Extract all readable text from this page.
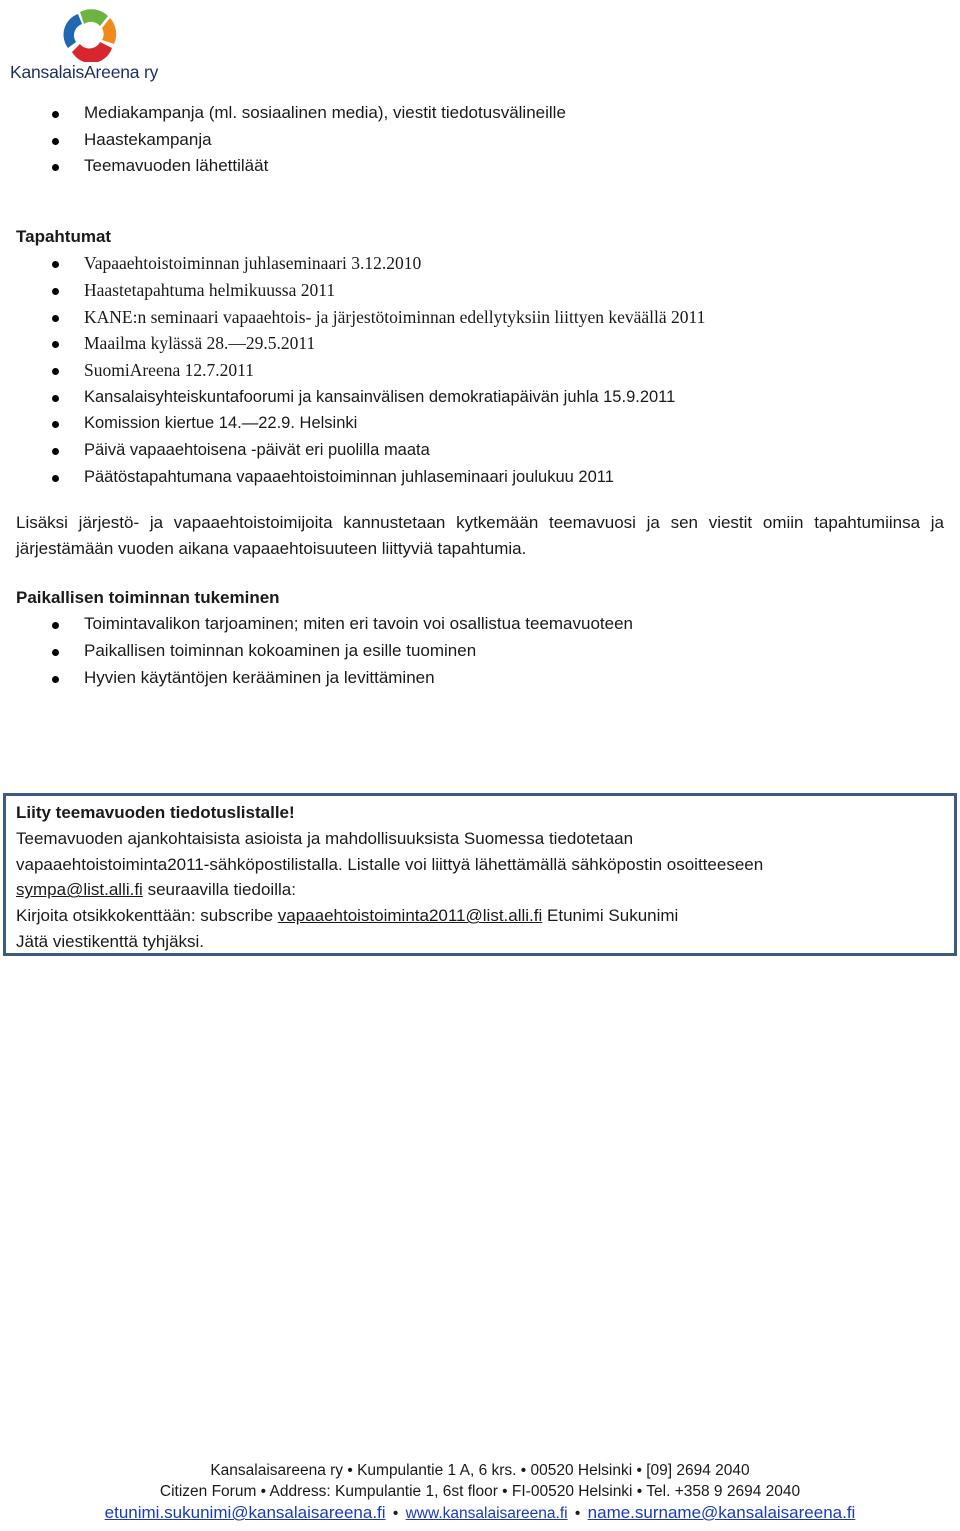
KansalaisAreena ry
Mediakampanja (ml. sosiaalinen media), viestit tiedotusvälineille
Haastekampanja
Teemavuoden lähettiläät
Tapahtumat
Vapaaehtoistoiminnan juhlaseminaari 3.12.2010
Haastetapahtuma helmikuussa 2011
KANE:n seminaari vapaaehtois- ja järjestötoiminnan edellytyksiin liittyen keväällä 2011
Maailma kylässä 28.—29.5.2011
SuomiAreena 12.7.2011
Kansalaisyhteiskuntafoorumi ja kansainvälisen demokratiapäivän juhla 15.9.2011
Komission kiertue 14.—22.9. Helsinki
Päivä vapaaehtoisena -päivät eri puolilla maata
Päätöstapahtumana vapaaehtoistoiminnan juhlaseminaari joulukuu 2011

Lisäksi järjestö- ja vapaaehtoistoimijoita kannustetaan kytkemään teemavuosi ja sen viestit omiin tapahtumiinsa ja järjestämään vuoden aikana vapaaehtoisuuteen liittyviä tapahtumia.

Paikallisen toiminnan tukeminen
Toimintavalikon tarjoaminen; miten eri tavoin voi osallistua teemavuoteen
Paikallisen toiminnan kokoaminen ja esille tuominen
Hyvien käytäntöjen kerääminen ja levittäminen
Liity teemavuoden tiedotuslistalle!
Teemavuoden ajankohtaisista asioista ja mahdollisuuksista Suomessa tiedotetaan
vapaaehtoistoiminta2011-sähköpostilistalla. Listalle voi liittyä lähettämällä sähköpostin osoitteeseen
sympa@list.alli.fi seuraavilla tiedoilla:
Kirjoita otsikkokenttään: subscribe vapaaehtoistoiminta2011@list.alli.fi Etunimi Sukunimi
Jätä viestikenttä tyhjäksi.
Kansalaisareena ry • Kumpulantie 1 A, 6 krs. • 00520 Helsinki • [09] 2694 2040
Citizen Forum • Address: Kumpulantie 1, 6st floor • FI-00520 Helsinki • Tel. +358 9 2694 2040
etunimi.sukunimi@kansalaisareena.fi • www.kansalaisareena.fi • name.surname@kansalaisareena.fi
